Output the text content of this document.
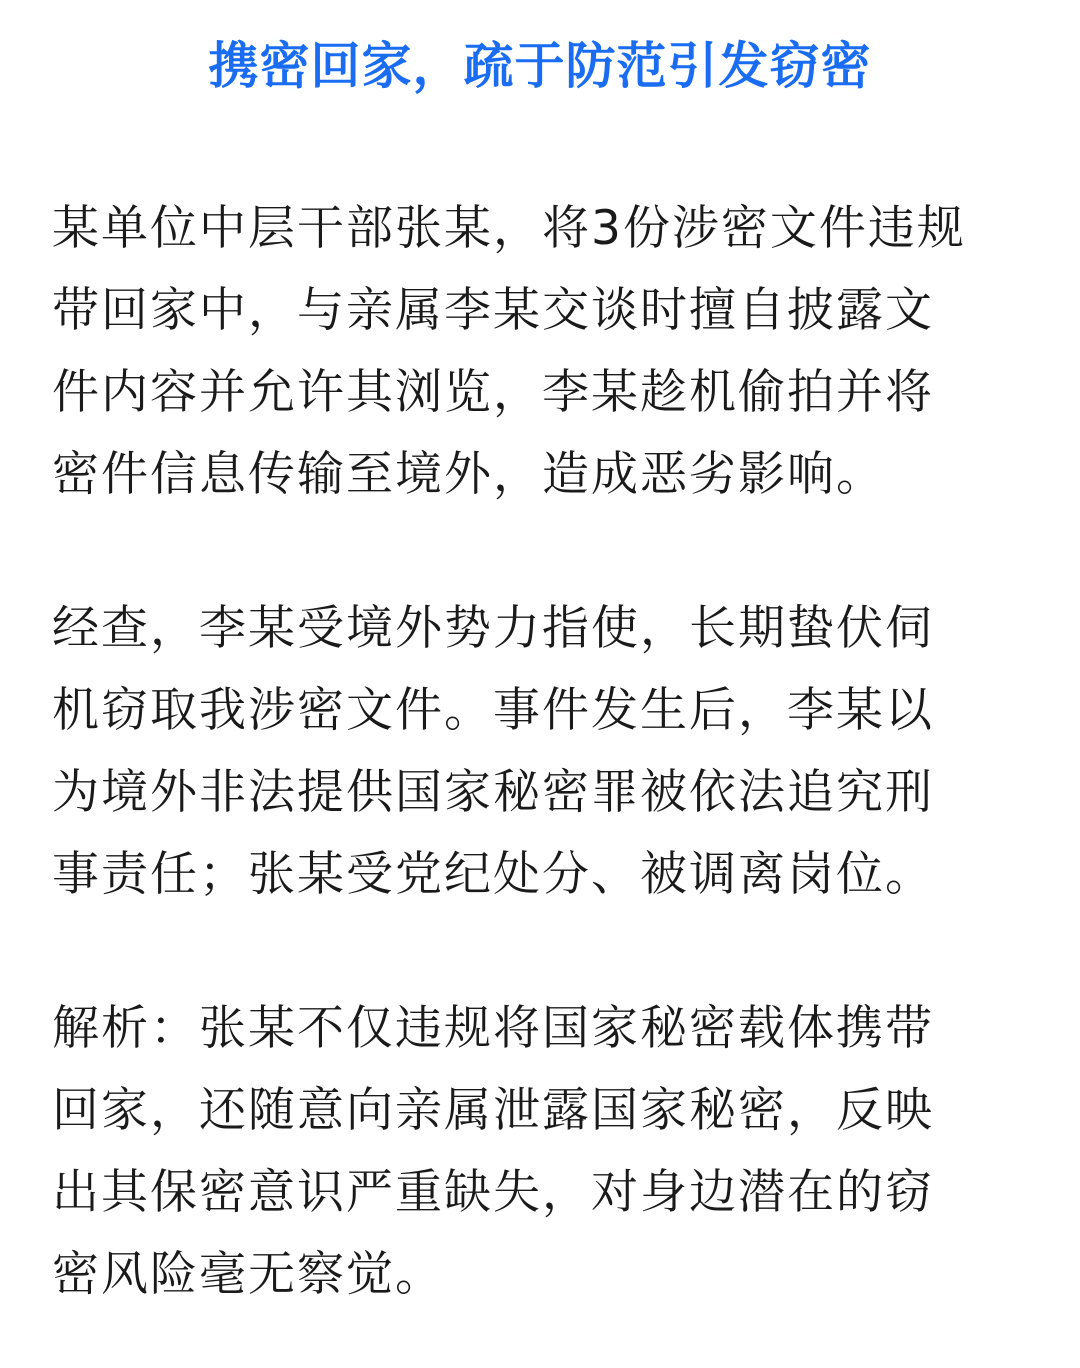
携密回家，疏于防范引发窃密
某单位中层干部张某，将3份涉密文件违规
带回家中，与亲属李某交谈时擅自披露文
件内容并允许其浏览，李某趁机偷拍并将
密件信息传输至境外，造成恶劣影响。
经查，李某受境外势力指使，长期蛰伏伺
机窃取我涉密文件。事件发生后，李某以
为境外非法提供国家秘密罪被依法追究刑
事责任；张某受党纪处分、被调离岗位。
解析：张某不仅违规将国家秘密载体携带
回家，还随意向亲属泄露国家秘密，反映
出其保密意识严重缺失，对身边潜在的窃
密风险毫无察觉。
